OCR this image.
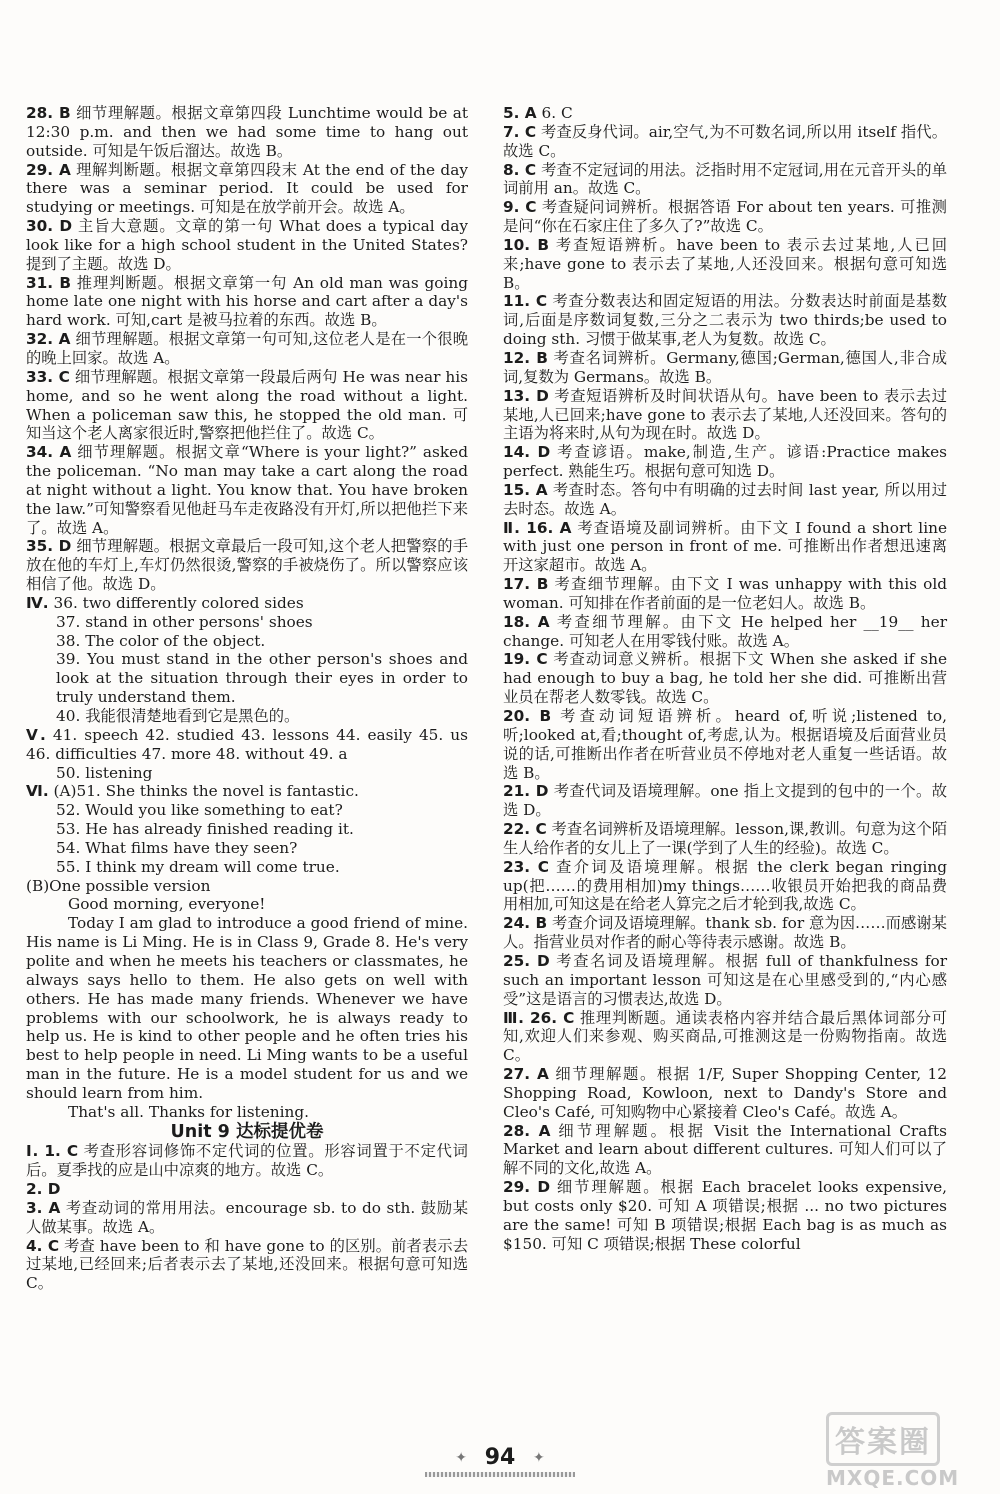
28. B 细节理解题。根据文章第四段 Lunchtime would be at 12:30 p.m. and then we had some time to hang out outside. 可知是午饭后溜达。故选 B。

29. A 理解判断题。根据文章第四段末 At the end of the day there was a seminar period. It could be used for studying or meetings. 可知是在放学前开会。故选 A。

30. D 主旨大意题。文章的第一句 What does a typical day look like for a high school student in the United States? 提到了主题。故选 D。

31. B 推理判断题。根据文章第一句 An old man was going home late one night with his horse and cart after a day's hard work. 可知,cart 是被马拉着的东西。故选 B。

32. A 细节理解题。根据文章第一句可知,这位老人是在一个很晚的晚上回家。故选 A。

33. C 细节理解题。根据文章第一段最后两句 He was near his home, and so he went along the road without a light. When a policeman saw this, he stopped the old man. 可知当这个老人离家很近时,警察把他拦住了。故选 C。

34. A 细节理解题。根据文章“Where is your light?” asked the policeman. “No man may take a cart along the road at night without a light. You know that. You have broken the law.”可知警察看见他赶马车走夜路没有开灯,所以把他拦下来了。故选 A。

35. D 细节理解题。根据文章最后一段可知,这个老人把警察的手放在他的车灯上,车灯仍然很烫,警察的手被烧伤了。所以警察应该相信了他。故选 D。

Ⅳ. 36. two differently colored sides

37. stand in other persons' shoes

38. The color of the object.

39. You must stand in the other person's shoes and look at the situation through their eyes in order to truly understand them.

40. 我能很清楚地看到它是黑色的。

Ⅴ. 41. speech 42. studied 43. lessons 44. easily 45. us 46. difficulties 47. more 48. without 49. a

50. listening

Ⅵ. (A)51. She thinks the novel is fantastic.

52. Would you like something to eat?

53. He has already finished reading it.

54. What films have they seen?

55. I think my dream will come true.

(B)One possible version

Good morning, everyone!

Today I am glad to introduce a good friend of mine. His name is Li Ming. He is in Class 9, Grade 8. He's very polite and when he meets his teachers or classmates, he always says hello to them. He also gets on well with others. He has made many friends. Whenever we have problems with our schoolwork, he is always ready to help us. He is kind to other people and he often tries his best to help people in need. Li Ming wants to be a useful man in the future. He is a model student for us and we should learn from him.

That's all. Thanks for listening.

Unit 9 达标提优卷

Ⅰ. 1. C 考查形容词修饰不定代词的位置。形容词置于不定代词后。夏季找的应是山中凉爽的地方。故选 C。

2. D

3. A 考查动词的常用用法。encourage sb. to do sth. 鼓励某人做某事。故选 A。

4. C 考查 have been to 和 have gone to 的区别。前者表示去过某地,已经回来;后者表示去了某地,还没回来。根据句意可知选 C。

5. A 6. C

7. C 考查反身代词。air,空气,为不可数名词,所以用 itself 指代。故选 C。

8. C 考查不定冠词的用法。泛指时用不定冠词,用在元音开头的单词前用 an。故选 C。

9. C 考查疑问词辨析。根据答语 For about ten years. 可推测是问“你在石家庄住了多久了?”故选 C。

10. B 考查短语辨析。have been to 表示去过某地,人已回来;have gone to 表示去了某地,人还没回来。根据句意可知选 B。

11. C 考查分数表达和固定短语的用法。分数表达时前面是基数词,后面是序数词复数,三分之二表示为 two thirds;be used to doing sth. 习惯于做某事,老人为复数。故选 C。

12. B 考查名词辨析。Germany,德国;German,德国人,非合成词,复数为 Germans。故选 B。

13. D 考查短语辨析及时间状语从句。have been to 表示去过某地,人已回来;have gone to 表示去了某地,人还没回来。答句的主语为将来时,从句为现在时。故选 D。

14. D 考查谚语。make,制造,生产。谚语:Practice makes perfect. 熟能生巧。根据句意可知选 D。

15. A 考查时态。答句中有明确的过去时间 last year, 所以用过去时态。故选 A。

Ⅱ. 16. A 考查语境及副词辨析。由下文 I found a short line with just one person in front of me. 可推断出作者想迅速离开这家超市。故选 A。

17. B 考查细节理解。由下文 I was unhappy with this old woman. 可知排在作者前面的是一位老妇人。故选 B。

18. A 考查细节理解。由下文 He helped her __19__ her change. 可知老人在用零钱付账。故选 A。

19. C 考查动词意义辨析。根据下文 When she asked if she had enough to buy a bag, he told her she did. 可推断出营业员在帮老人数零钱。故选 C。

20. B 考查动词短语辨析。heard of,听说;listened to, 听;looked at,看;thought of,考虑,认为。根据语境及后面营业员说的话,可推断出作者在听营业员不停地对老人重复一些话语。故选 B。

21. D 考查代词及语境理解。one 指上文提到的包中的一个。故选 D。

22. C 考查名词辨析及语境理解。lesson,课,教训。句意为这个陌生人给作者的女儿上了一课(学到了人生的经验)。故选 C。

23. C 查介词及语境理解。根据 the clerk began ringing up(把……的费用相加)my things……收银员开始把我的商品费用相加,可知这是在给老人算完之后才轮到我,故选 C。

24. B 考查介词及语境理解。thank sb. for 意为因……而感谢某人。指营业员对作者的耐心等待表示感谢。故选 B。

25. D 考查名词及语境理解。根据 full of thankfulness for such an important lesson 可知这是在心里感受到的,“内心感受”这是语言的习惯表达,故选 D。

Ⅲ. 26. C 推理判断题。通读表格内容并结合最后黑体词部分可知,欢迎人们来参观、购买商品,可推测这是一份购物指南。故选 C。

27. A 细节理解题。根据 1/F, Super Shopping Center, 12 Shopping Road, Kowloon, next to Dandy's Store and Cleo's Café, 可知购物中心紧接着 Cleo's Café。故选 A。

28. A 细节理解题。根据 Visit the International Crafts Market and learn about different cultures. 可知人们可以了解不同的文化,故选 A。

29. D 细节理解题。根据 Each bracelet looks expensive, but costs only $20. 可知 A 项错误;根据 ... no two pictures are the same! 可知 B 项错误;根据 Each bag is as much as $150. 可知 C 项错误;根据 These colorful

✦ 94 ✦	答案圈
MXQE.COM
